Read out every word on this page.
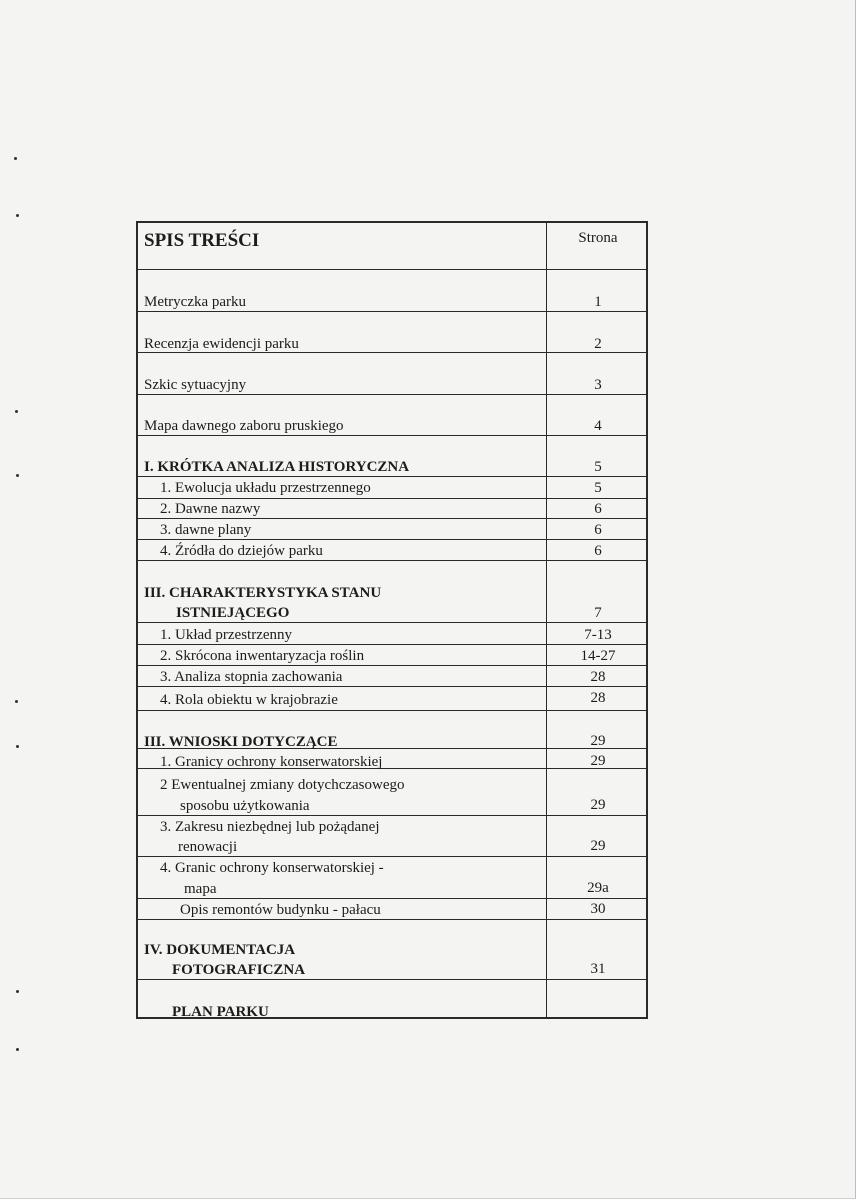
SPIS TREŚCI	Strona
Metryczka parku	1
Recenzja ewidencji parku	2
Szkic sytuacyjny	3
Mapa dawnego zaboru pruskiego	4
I. KRÓTKA ANALIZA HISTORYCZNA	5
1. Ewolucja układu przestrzennego	5
2. Dawne nazwy	6
3. dawne plany	6
4. Źródła do dziejów parku	6
III. CHARAKTERYSTYKA STANU
ISTNIEJĄCEGO	7
1. Układ przestrzenny	7-13
2. Skrócona inwentaryzacja roślin	14-27
3. Analiza stopnia zachowania	28
4. Rola obiektu w krajobrazie	28
III. WNIOSKI DOTYCZĄCE	29
1. Granicy ochrony konserwatorskiej	29
2 Ewentualnej zmiany dotychczasowego
sposobu użytkowania	29
3. Zakresu niezbędnej lub pożądanej
renowacji	29
4. Granic ochrony konserwatorskiej -
mapa	29a
Opis remontów budynku - pałacu	30
IV. DOKUMENTACJA
FOTOGRAFICZNA	31
PLAN PARKU
